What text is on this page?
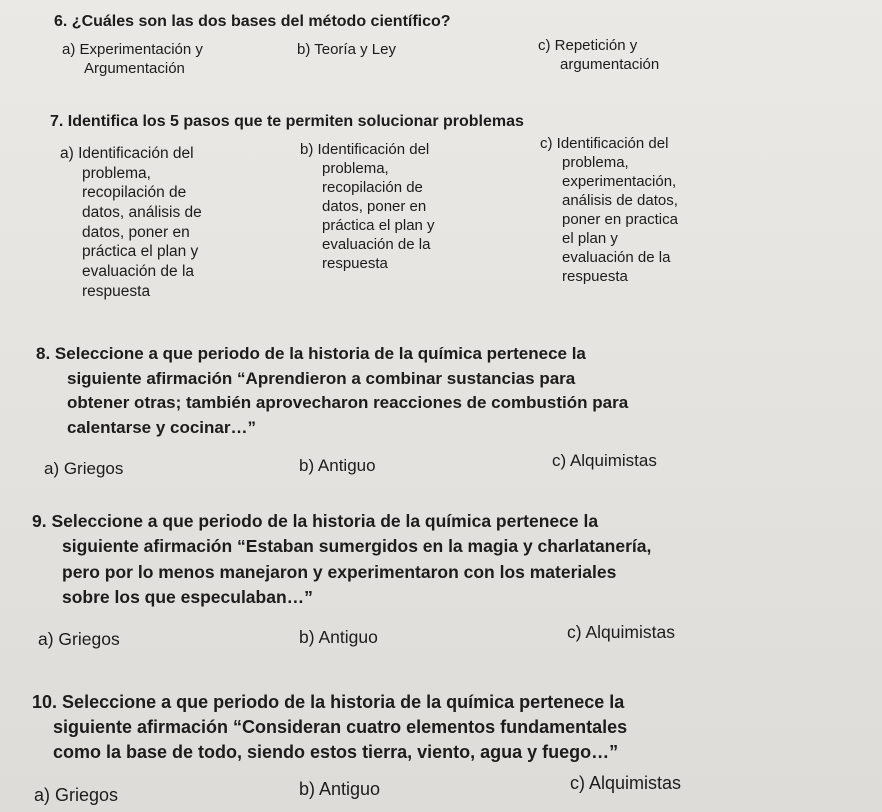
6. ¿Cuáles son las dos bases del método científico?

a) Experimentación y
Argumentación
b) Teoría y Ley	c) Repetición y
argumentación

7. Identifica los 5 pasos que te permiten solucionar problemas

a) Identificación del
problema,
recopilación de
datos, análisis de
datos, poner en
práctica el plan y
evaluación de la
respuesta
b) Identificación del
problema,
recopilación de
datos, poner en
práctica el plan y
evaluación de la
respuesta
c) Identificación del
problema,
experimentación,
análisis de datos,
poner en practica
el plan y
evaluación de la
respuesta

8. Seleccione a que periodo de la historia de la química pertenece la
siguiente afirmación “Aprendieron a combinar sustancias para
obtener otras; también aprovecharon reacciones de combustión para
calentarse y cocinar…”

a) Griegos	b) Antiguo	c) Alquimistas

9. Seleccione a que periodo de la historia de la química pertenece la
siguiente afirmación “Estaban sumergidos en la magia y charlatanería,
pero por lo menos manejaron y experimentaron con los materiales
sobre los que especulaban…”

a) Griegos	b) Antiguo	c) Alquimistas

10. Seleccione a que periodo de la historia de la química pertenece la
siguiente afirmación “Consideran cuatro elementos fundamentales
como la base de todo, siendo estos tierra, viento, agua y fuego…”

a) Griegos	b) Antiguo	c) Alquimistas
